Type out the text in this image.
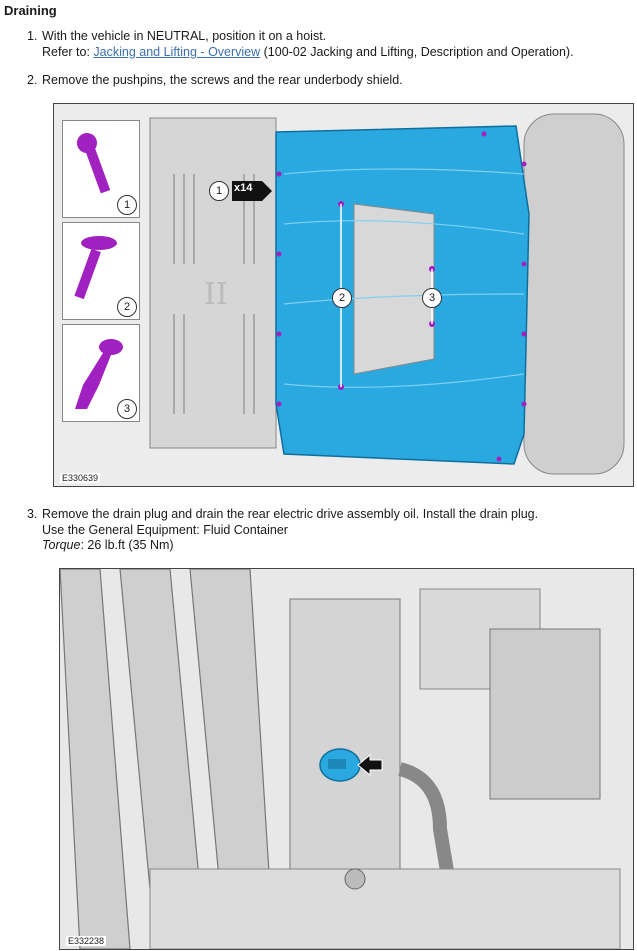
Draining
1. With the vehicle in NEUTRAL, position it on a hoist.
Refer to: Jacking and Lifting - Overview (100-02 Jacking and Lifting, Description and Operation).
2. Remove the pushpins, the screws and the rear underbody shield.
II
1
2
3
1	x14
2	3
E330639
3. Remove the drain plug and drain the rear electric drive assembly oil. Install the drain plug.
Use the General Equipment: Fluid Container
Torque: 26 lb.ft (35 Nm)
E332238
